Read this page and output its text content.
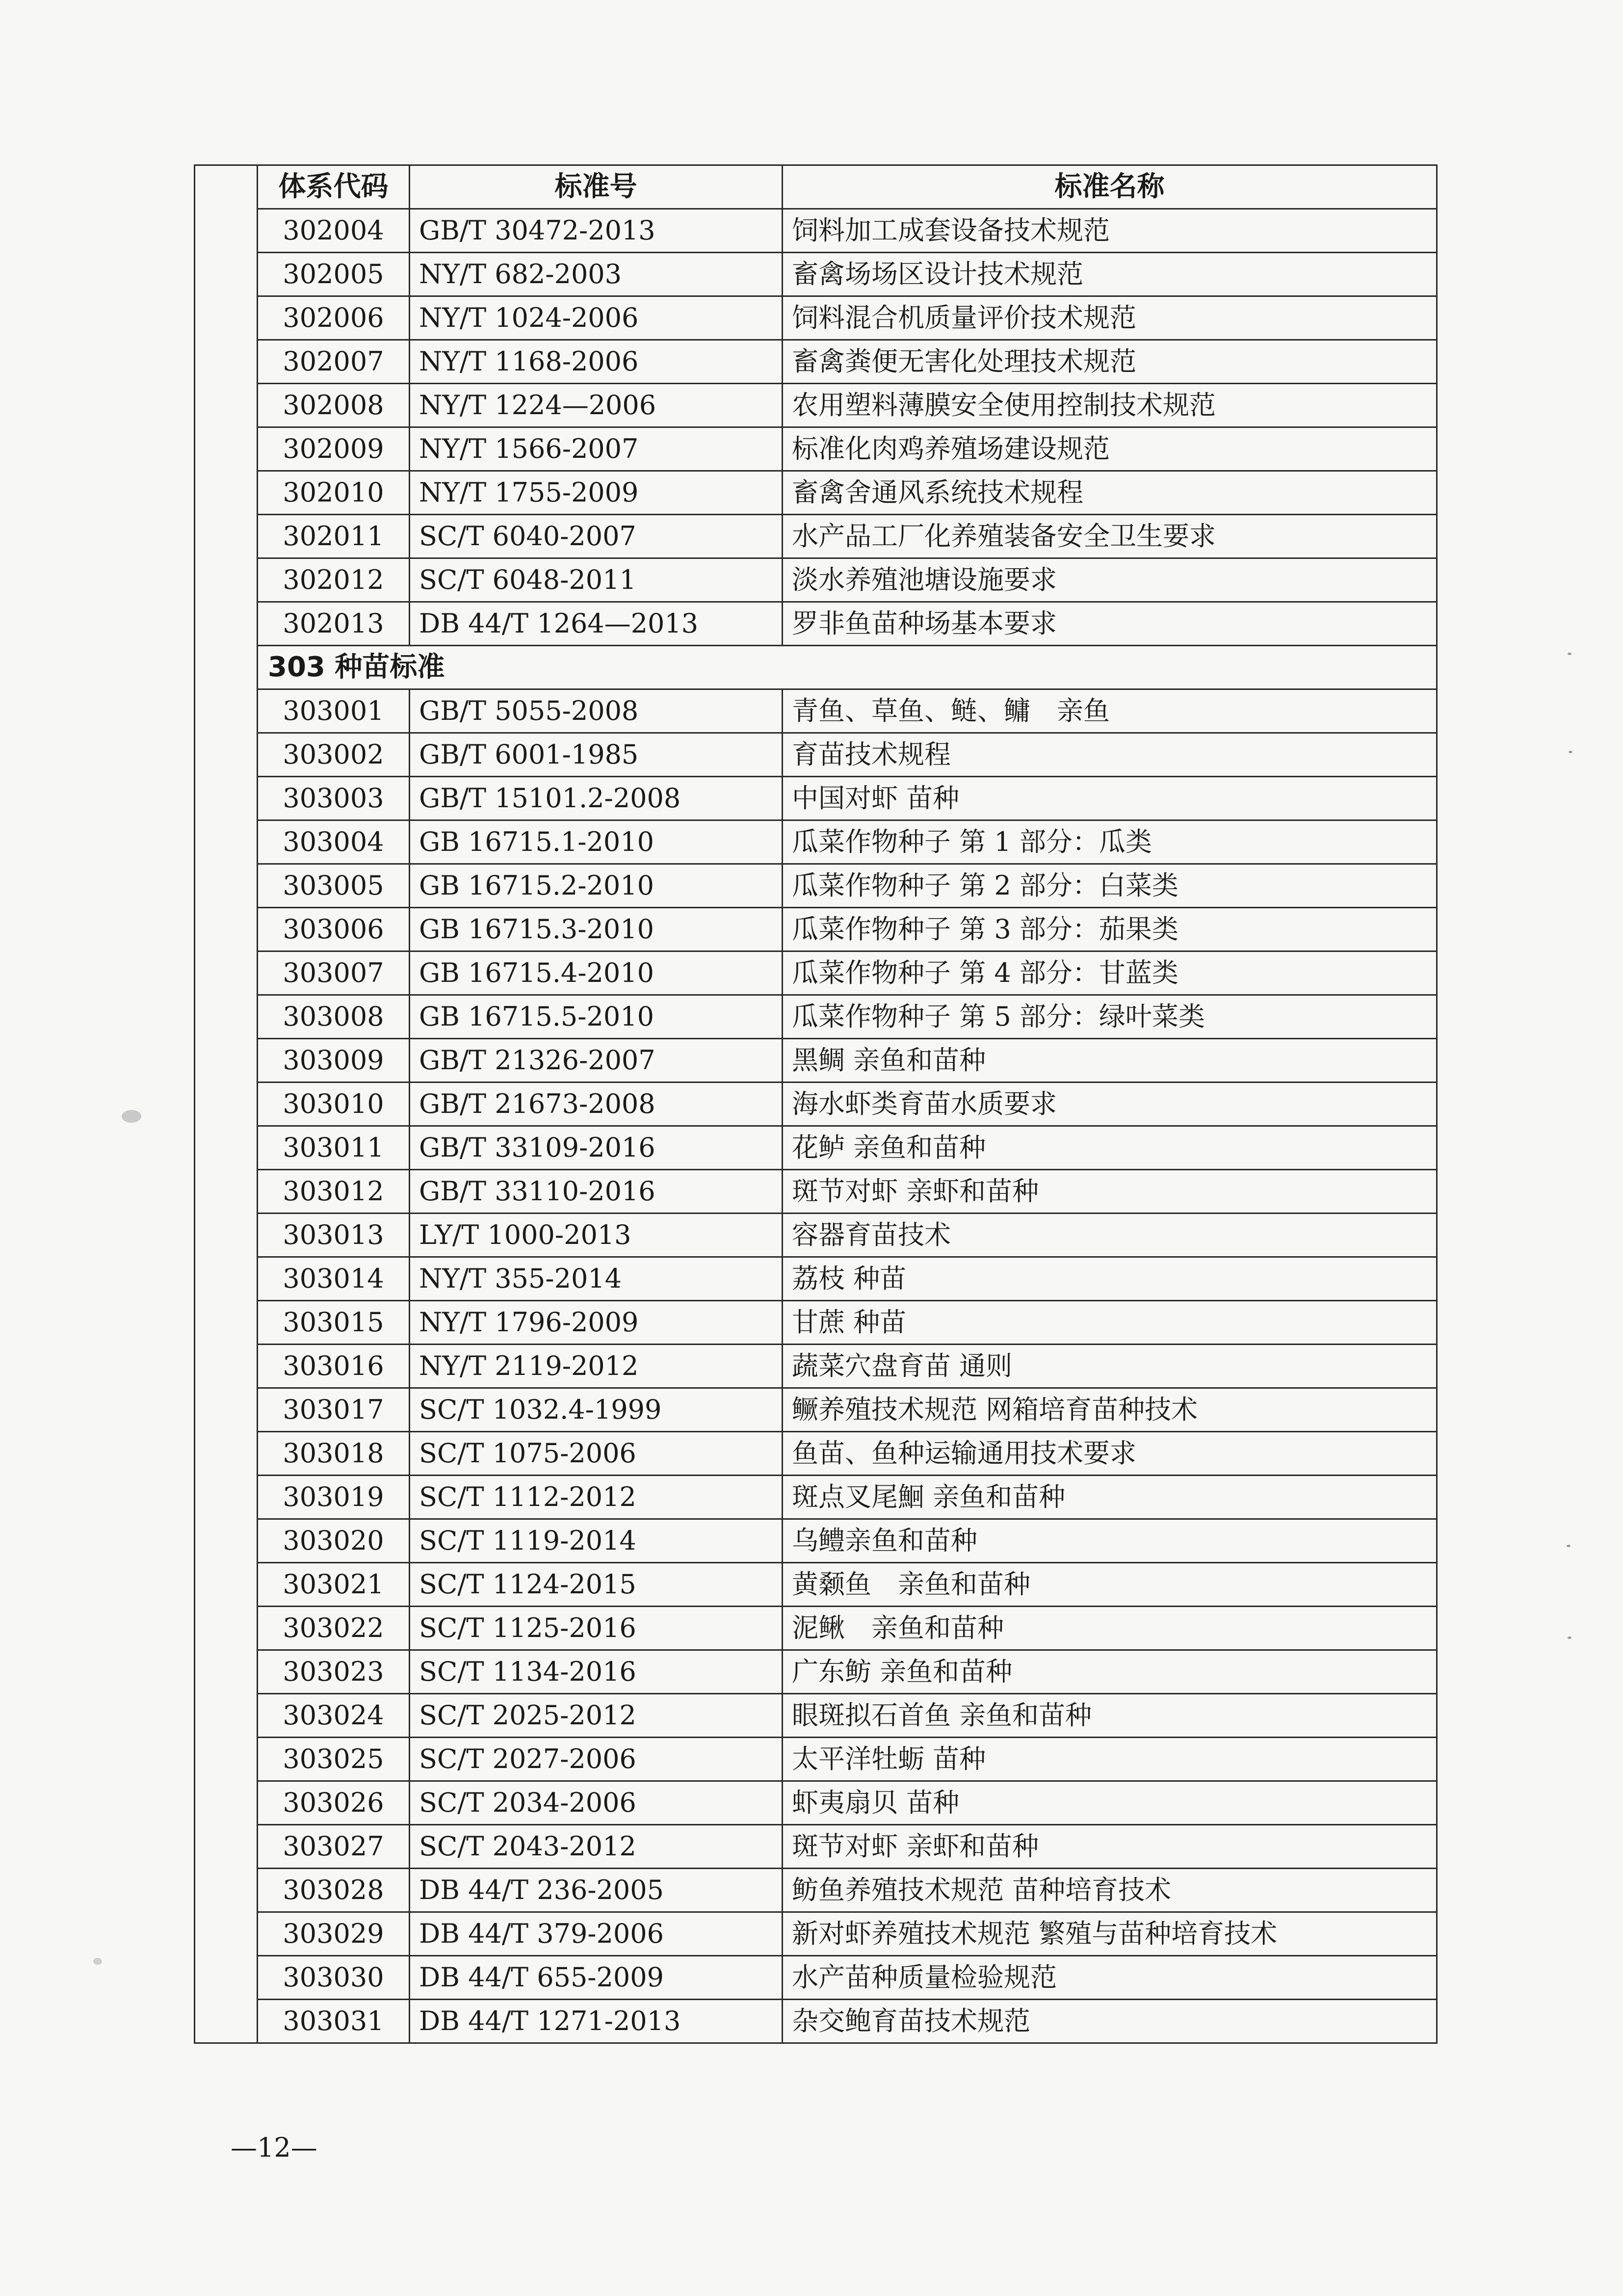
	体系代码	标准号	标准名称
	302004	GB/T 30472-2013	饲料加工成套设备技术规范
	302005	NY/T 682-2003	畜禽场场区设计技术规范
	302006	NY/T 1024-2006	饲料混合机质量评价技术规范
	302007	NY/T 1168-2006	畜禽粪便无害化处理技术规范
	302008	NY/T 1224—2006	农用塑料薄膜安全使用控制技术规范
	302009	NY/T 1566-2007	标准化肉鸡养殖场建设规范
	302010	NY/T 1755-2009	畜禽舍通风系统技术规程
	302011	SC/T 6040-2007	水产品工厂化养殖装备安全卫生要求
	302012	SC/T 6048-2011	淡水养殖池塘设施要求
	302013	DB 44/T 1264—2013	罗非鱼苗种场基本要求
	303 种苗标准		
	303001	GB/T 5055-2008	青鱼、草鱼、鲢、鳙　亲鱼
	303002	GB/T 6001-1985	育苗技术规程
	303003	GB/T 15101.2-2008	中国对虾 苗种
	303004	GB 16715.1-2010	瓜菜作物种子 第 1 部分：瓜类
	303005	GB 16715.2-2010	瓜菜作物种子 第 2 部分：白菜类
	303006	GB 16715.3-2010	瓜菜作物种子 第 3 部分：茄果类
	303007	GB 16715.4-2010	瓜菜作物种子 第 4 部分：甘蓝类
	303008	GB 16715.5-2010	瓜菜作物种子 第 5 部分：绿叶菜类
	303009	GB/T 21326-2007	黑鲷 亲鱼和苗种
	303010	GB/T 21673-2008	海水虾类育苗水质要求
	303011	GB/T 33109-2016	花鲈 亲鱼和苗种
	303012	GB/T 33110-2016	斑节对虾 亲虾和苗种
	303013	LY/T 1000-2013	容器育苗技术
	303014	NY/T 355-2014	荔枝 种苗
	303015	NY/T 1796-2009	甘蔗 种苗
	303016	NY/T 2119-2012	蔬菜穴盘育苗 通则
	303017	SC/T 1032.4-1999	鳜养殖技术规范 网箱培育苗种技术
	303018	SC/T 1075-2006	鱼苗、鱼种运输通用技术要求
	303019	SC/T 1112-2012	斑点叉尾鮰 亲鱼和苗种
	303020	SC/T 1119-2014	乌鳢亲鱼和苗种
	303021	SC/T 1124-2015	黄颡鱼　亲鱼和苗种
	303022	SC/T 1125-2016	泥鳅　亲鱼和苗种
	303023	SC/T 1134-2016	广东鲂 亲鱼和苗种
	303024	SC/T 2025-2012	眼斑拟石首鱼 亲鱼和苗种
	303025	SC/T 2027-2006	太平洋牡蛎 苗种
	303026	SC/T 2034-2006	虾夷扇贝 苗种
	303027	SC/T 2043-2012	斑节对虾 亲虾和苗种
	303028	DB 44/T 236-2005	鲂鱼养殖技术规范 苗种培育技术
	303029	DB 44/T 379-2006	新对虾养殖技术规范 繁殖与苗种培育技术
	303030	DB 44/T 655-2009	水产苗种质量检验规范
	303031	DB 44/T 1271-2013	杂交鲍育苗技术规范
—12—
